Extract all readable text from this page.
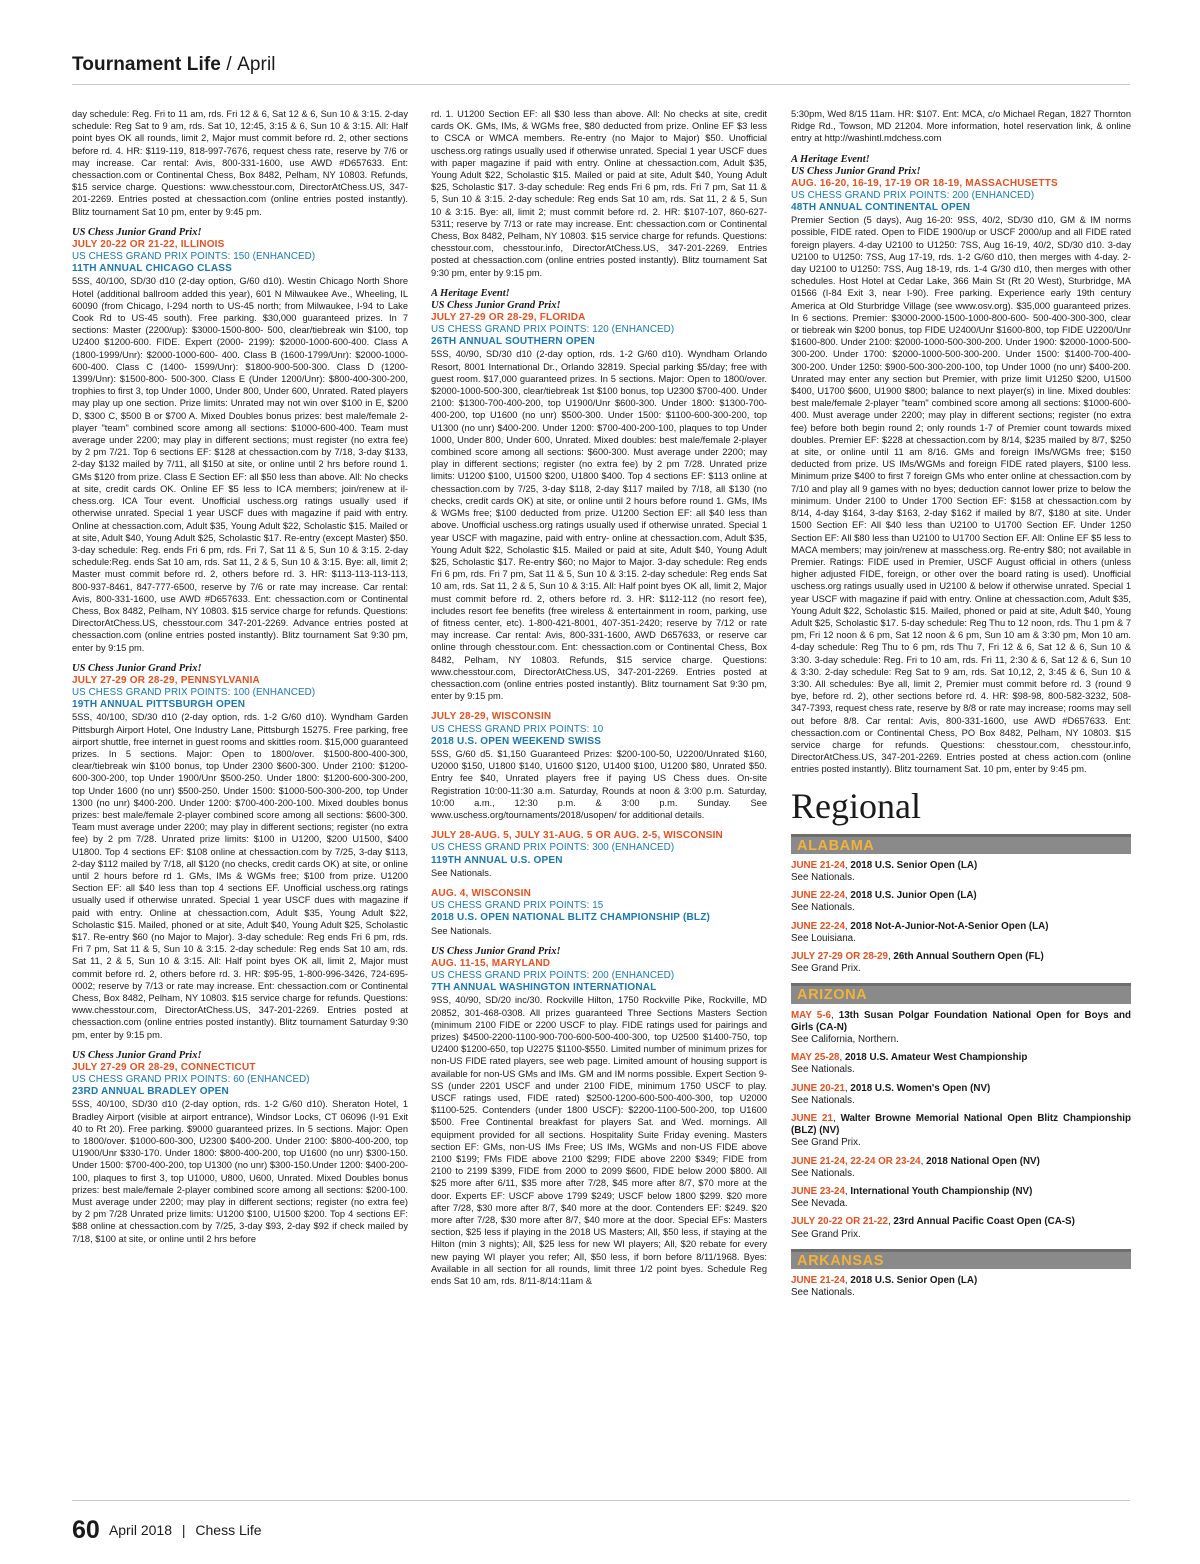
Tournament Life / April

day schedule: Reg. Fri to 11 am, rds. Fri 12 & 6, Sat 12 & 6, Sun 10 & 3:15. 2-day schedule: Reg Sat to 9 am, rds. Sat 10, 12:45, 3:15 & 6, Sun 10 & 3:15. All: Half point byes OK all rounds, limit 2, Major must commit before rd. 2, other sections before rd. 4. HR: $119-119, 818-997-7676, request chess rate, reserve by 7/6 or may increase. Car rental: Avis, 800-331-1600, use AWD #D657633. Ent: chessaction.com or Continental Chess, Box 8482, Pelham, NY 10803. Refunds, $15 service charge. Questions: www.chesstour.com, DirectorAtChess.US, 347-201-2269. Entries posted at chessaction.com (online entries posted instantly). Blitz tournament Sat 10 pm, enter by 9:45 pm.

US Chess Junior Grand Prix!

JULY 20-22 OR 21-22, ILLINOIS

US CHESS GRAND PRIX POINTS: 150 (ENHANCED)

11TH ANNUAL CHICAGO CLASS

5SS, 40/100, SD/30 d10 (2-day option, G/60 d10). Westin Chicago North Shore Hotel (additional ballroom added this year), 601 N Milwaukee Ave., Wheeling, IL 60090 (from Chicago, I-294 north to US-45 north; from Milwaukee, I-94 to Lake Cook Rd to US-45 south). Free parking. $30,000 guaranteed prizes. In 7 sections: Master (2200/up): $3000-1500-800- 500, clear/tiebreak win $100, top U2400 $1200-600. FIDE. Expert (2000- 2199): $2000-1000-600-400. Class A (1800-1999/Unr): $2000-1000-600- 400. Class B (1600-1799/Unr): $2000-1000-600-400. Class C (1400- 1599/Unr): $1800-900-500-300. Class D (1200-1399/Unr): $1500-800- 500-300. Class E (Under 1200/Unr): $800-400-300-200, trophies to first 3, top Under 1000, Under 800, Under 600, Unrated. Rated players may play up one section. Prize limits: Unrated may not win over $100 in E, $200 D, $300 C, $500 B or $700 A. Mixed Doubles bonus prizes: best male/female 2-player "team" combined score among all sections: $1000-600-400. Team must average under 2200; may play in different sections; must register (no extra fee) by 2 pm 7/21. Top 6 sections EF: $128 at chessaction.com by 7/18, 3-day $133, 2-day $132 mailed by 7/11, all $150 at site, or online until 2 hrs before round 1. GMs $120 from prize. Class E Section EF: all $50 less than above. All: No checks at site, credit cards OK. Online EF $5 less to ICA members; join/renew at il-chess.org. ICA Tour event. Unofficial uschess.org ratings usually used if otherwise unrated. Special 1 year USCF dues with magazine if paid with entry. Online at chessaction.com, Adult $35, Young Adult $22, Scholastic $15. Mailed or at site, Adult $40, Young Adult $25, Scholastic $17. Re-entry (except Master) $50. 3-day schedule: Reg. ends Fri 6 pm, rds. Fri 7, Sat 11 & 5, Sun 10 & 3:15. 2-day schedule:Reg. ends Sat 10 am, rds. Sat 11, 2 & 5, Sun 10 & 3:15. Bye: all, limit 2; Master must commit before rd. 2, others before rd. 3. HR: $113-113-113-113, 800-937-8461, 847-777-6500, reserve by 7/6 or rate may increase. Car rental: Avis, 800-331-1600, use AWD #D657633. Ent: chessaction.com or Continental Chess, Box 8482, Pelham, NY 10803. $15 service charge for refunds. Questions: DirectorAtChess.US, chesstour.com 347-201-2269. Advance entries posted at chessaction.com (online entries posted instantly). Blitz tournament Sat 9:30 pm, enter by 9:15 pm.

US Chess Junior Grand Prix!

JULY 27-29 OR 28-29, PENNSYLVANIA

US CHESS GRAND PRIX POINTS: 100 (ENHANCED)

19TH ANNUAL PITTSBURGH OPEN

5SS, 40/100, SD/30 d10 (2-day option, rds. 1-2 G/60 d10). Wyndham Garden Pittsburgh Airport Hotel, One Industry Lane, Pittsburgh 15275. Free parking, free airport shuttle, free internet in guest rooms and skittles room. $15,000 guaranteed prizes. In 5 sections. Major: Open to 1800/over. $1500-800-400-300, clear/tiebreak win $100 bonus, top Under 2300 $600-300. Under 2100: $1200-600-300-200, top Under 1900/Unr $500-250. Under 1800: $1200-600-300-200, top Under 1600 (no unr) $500-250. Under 1500: $1000-500-300-200, top Under 1300 (no unr) $400-200. Under 1200: $700-400-200-100. Mixed doubles bonus prizes: best male/female 2-player combined score among all sections: $600-300. Team must average under 2200; may play in different sections; register (no extra fee) by 2 pm 7/28. Unrated prize limits: $100 in U1200, $200 U1500, $400 U1800. Top 4 sections EF: $108 online at chessaction.com by 7/25, 3-day $113, 2-day $112 mailed by 7/18, all $120 (no checks, credit cards OK) at site, or online until 2 hours before rd 1. GMs, IMs & WGMs free; $100 from prize. U1200 Section EF: all $40 less than top 4 sections EF. Unofficial uschess.org ratings usually used if otherwise unrated. Special 1 year USCF dues with magazine if paid with entry. Online at chessaction.com, Adult $35, Young Adult $22, Scholastic $15. Mailed, phoned or at site, Adult $40, Young Adult $25, Scholastic $17. Re-entry $60 (no Major to Major). 3-day schedule: Reg ends Fri 6 pm, rds. Fri 7 pm, Sat 11 & 5, Sun 10 & 3:15. 2-day schedule: Reg ends Sat 10 am, rds. Sat 11, 2 & 5, Sun 10 & 3:15. All: Half point byes OK all, limit 2, Major must commit before rd. 2, others before rd. 3. HR: $95-95, 1-800-996-3426, 724-695-0002; reserve by 7/13 or rate may increase. Ent: chessaction.com or Continental Chess, Box 8482, Pelham, NY 10803. $15 service charge for refunds. Questions: www.chesstour.com, DirectorAtChess.US, 347-201-2269. Entries posted at chessaction.com (online entries posted instantly). Blitz tournament Saturday 9:30 pm, enter by 9:15 pm.

US Chess Junior Grand Prix!

JULY 27-29 OR 28-29, CONNECTICUT

US CHESS GRAND PRIX POINTS: 60 (ENHANCED)

23RD ANNUAL BRADLEY OPEN

5SS, 40/100, SD/30 d10 (2-day option, rds. 1-2 G/60 d10). Sheraton Hotel, 1 Bradley Airport (visible at airport entrance), Windsor Locks, CT 06096 (I-91 Exit 40 to Rt 20). Free parking. $9000 guaranteed prizes. In 5 sections. Major: Open to 1800/over. $1000-600-300, U2300 $400-200. Under 2100: $800-400-200, top U1900/Unr $330-170. Under 1800: $800-400-200, top U1600 (no unr) $300-150. Under 1500: $700-400-200, top U1300 (no unr) $300-150.Under 1200: $400-200-100, plaques to first 3, top U1000, U800, U600, Unrated. Mixed Doubles bonus prizes: best male/female 2-player combined score among all sections: $200-100. Must average under 2200; may play in different sections; register (no extra fee) by 2 pm 7/28 Unrated prize limits: U1200 $100, U1500 $200. Top 4 sections EF: $88 online at chessaction.com by 7/25, 3-day $93, 2-day $92 if check mailed by 7/18, $100 at site, or online until 2 hrs before

rd. 1. U1200 Section EF: all $30 less than above. All: No checks at site, credit cards OK. GMs, IMs, & WGMs free, $80 deducted from prize. Online EF $3 less to CSCA or WMCA members. Re-entry (no Major to Major) $50. Unofficial uschess.org ratings usually used if otherwise unrated. Special 1 year USCF dues with paper magazine if paid with entry. Online at chessaction.com, Adult $35, Young Adult $22, Scholastic $15. Mailed or paid at site, Adult $40, Young Adult $25, Scholastic $17. 3-day schedule: Reg ends Fri 6 pm, rds. Fri 7 pm, Sat 11 & 5, Sun 10 & 3:15. 2-day schedule: Reg ends Sat 10 am, rds. Sat 11, 2 & 5, Sun 10 & 3:15. Bye: all, limit 2; must commit before rd. 2. HR: $107-107, 860-627-5311; reserve by 7/13 or rate may increase. Ent: chessaction.com or Continental Chess, Box 8482, Pelham, NY 10803. $15 service charge for refunds. Questions: chesstour.com, chesstour.info, DirectorAtChess.US, 347-201-2269. Entries posted at chessaction.com (online entries posted instantly). Blitz tournament Sat 9:30 pm, enter by 9:15 pm.

A Heritage Event!

US Chess Junior Grand Prix!

JULY 27-29 OR 28-29, FLORIDA

US CHESS GRAND PRIX POINTS: 120 (ENHANCED)

26TH ANNUAL SOUTHERN OPEN

5SS, 40/90, SD/30 d10 (2-day option, rds. 1-2 G/60 d10). Wyndham Orlando Resort, 8001 International Dr., Orlando 32819. Special parking $5/day; free with guest room. $17,000 guaranteed prizes. In 5 sections. Major: Open to 1800/over. $2000-1000-500-300, clear/tiebreak 1st $100 bonus, top U2300 $700-400. Under 2100: $1300-700-400-200, top U1900/Unr $600-300. Under 1800: $1300-700-400-200, top U1600 (no unr) $500-300. Under 1500: $1100-600-300-200, top U1300 (no unr) $400-200. Under 1200: $700-400-200-100, plaques to top Under 1000, Under 800, Under 600, Unrated. Mixed doubles: best male/female 2-player combined score among all sections: $600-300. Must average under 2200; may play in different sections; register (no extra fee) by 2 pm 7/28. Unrated prize limits: U1200 $100, U1500 $200, U1800 $400. Top 4 sections EF: $113 online at chessaction.com by 7/25, 3-day $118, 2-day $117 mailed by 7/18, all $130 (no checks, credit cards OK) at site, or online until 2 hours before round 1. GMs, IMs & WGMs free; $100 deducted from prize. U1200 Section EF: all $40 less than above. Unofficial uschess.org ratings usually used if otherwise unrated. Special 1 year USCF with magazine, paid with entry- online at chessaction.com, Adult $35, Young Adult $22, Scholastic $15. Mailed or paid at site, Adult $40, Young Adult $25, Scholastic $17. Re-entry $60; no Major to Major. 3-day schedule: Reg ends Fri 6 pm, rds. Fri 7 pm, Sat 11 & 5, Sun 10 & 3:15. 2-day schedule: Reg ends Sat 10 am, rds. Sat 11, 2 & 5, Sun 10 & 3:15. All: Half point byes OK all, limit 2, Major must commit before rd. 2, others before rd. 3. HR: $112-112 (no resort fee), includes resort fee benefits (free wireless & entertainment in room, parking, use of fitness center, etc). 1-800-421-8001, 407-351-2420; reserve by 7/12 or rate may increase. Car rental: Avis, 800-331-1600, AWD D657633, or reserve car online through chesstour.com. Ent: chessaction.com or Continental Chess, Box 8482, Pelham, NY 10803. Refunds, $15 service charge. Questions: www.chesstour.com, DirectorAtChess.US, 347-201-2269. Entries posted at chessaction.com (online entries posted instantly). Blitz tournament Sat 9:30 pm, enter by 9:15 pm.

JULY 28-29, WISCONSIN

US CHESS GRAND PRIX POINTS: 10

2018 U.S. OPEN WEEKEND SWISS

5SS, G/60 d5. $1,150 Guaranteed Prizes: $200-100-50, U2200/Unrated $160, U2000 $150, U1800 $140, U1600 $120, U1400 $100, U1200 $80, Unrated $50. Entry fee $40, Unrated players free if paying US Chess dues. On-site Registration 10:00-11:30 a.m. Saturday, Rounds at noon & 3:00 p.m. Saturday, 10:00 a.m., 12:30 p.m. & 3:00 p.m. Sunday. See www.uschess.org/tournaments/2018/usopen/ for additional details.

JULY 28-AUG. 5, JULY 31-AUG. 5 OR AUG. 2-5, WISCONSIN

US CHESS GRAND PRIX POINTS: 300 (ENHANCED)

119TH ANNUAL U.S. OPEN

See Nationals.

AUG. 4, WISCONSIN

US CHESS GRAND PRIX POINTS: 15

2018 U.S. OPEN NATIONAL BLITZ CHAMPIONSHIP (BLZ)

See Nationals.

US Chess Junior Grand Prix!

AUG. 11-15, MARYLAND

US CHESS GRAND PRIX POINTS: 200 (ENHANCED)

7TH ANNUAL WASHINGTON INTERNATIONAL

9SS, 40/90, SD/20 inc/30. Rockville Hilton, 1750 Rockville Pike, Rockville, MD 20852, 301-468-0308. All prizes guaranteed Three Sections Masters Section (minimum 2100 FIDE or 2200 USCF to play. FIDE ratings used for pairings and prizes) $4500-2200-1100-900-700-600-500-400-300, top U2500 $1400-750, top U2400 $1200-650, top U2275 $1100-$550. Limited number of minimum prizes for non-US FIDE rated players, see web page. Limited amount of housing support is available for non-US GMs and IMs. GM and IM norms possible. Expert Section 9-SS (under 2201 USCF and under 2100 FIDE, minimum 1750 USCF to play. USCF ratings used, FIDE rated) $2500-1200-600-500-400-300, top U2000 $1100-525. Contenders (under 1800 USCF): $2200-1100-500-200, top U1600 $500. Free Continental breakfast for players Sat. and Wed. mornings. All equipment provided for all sections. Hospitality Suite Friday evening. Masters section EF: GMs, non-US IMs Free; US IMs, WGMs and non-US FIDE above 2100 $199; FMs FIDE above 2100 $299; FIDE above 2200 $349; FIDE from 2100 to 2199 $399, FIDE from 2000 to 2099 $600, FIDE below 2000 $800. All $25 more after 6/11, $35 more after 7/28, $45 more after 8/7, $70 more at the door. Experts EF: USCF above 1799 $249; USCF below 1800 $299. $20 more after 7/28, $30 more after 8/7, $40 more at the door. Contenders EF: $249. $20 more after 7/28, $30 more after 8/7, $40 more at the door. Special EFs: Masters section, $25 less if playing in the 2018 US Masters; All, $50 less, if staying at the Hilton (min 3 nights); All, $25 less for new WI players; All, $20 rebate for every new paying WI player you refer; All, $50 less, if born before 8/11/1968. Byes: Available in all section for all rounds, limit three 1/2 point byes. Schedule Reg ends Sat 10 am, rds. 8/11-8/14:11am &

5:30pm, Wed 8/15 11am. HR: $107. Ent: MCA, c/o Michael Regan, 1827 Thornton Ridge Rd., Towson, MD 21204. More information, hotel reservation link, & online entry at http://washintl.mdchess.com

A Heritage Event!

US Chess Junior Grand Prix!

AUG. 16-20, 16-19, 17-19 OR 18-19, MASSACHUSETTS

US CHESS GRAND PRIX POINTS: 200 (ENHANCED)

48TH ANNUAL CONTINENTAL OPEN

Premier Section (5 days), Aug 16-20: 9SS, 40/2, SD/30 d10, GM & IM norms possible, FIDE rated. Open to FIDE 1900/up or USCF 2000/up and all FIDE rated foreign players. 4-day U2100 to U1250: 7SS, Aug 16-19, 40/2, SD/30 d10. 3-day U2100 to U1250: 7SS, Aug 17-19, rds. 1-2 G/60 d10, then merges with 4-day. 2-day U2100 to U1250: 7SS, Aug 18-19, rds. 1-4 G/30 d10, then merges with other schedules. Host Hotel at Cedar Lake, 366 Main St (Rt 20 West), Sturbridge, MA 01566 (I-84 Exit 3, near I-90). Free parking. Experience early 19th century America at Old Sturbridge Village (see www.osv.org). $35,000 guaranteed prizes. In 6 sections. Premier: $3000-2000-1500-1000-800-600- 500-400-300-300, clear or tiebreak win $200 bonus, top FIDE U2400/Unr $1600-800, top FIDE U2200/Unr $1600-800. Under 2100: $2000-1000-500-300-200. Under 1900: $2000-1000-500-300-200. Under 1700: $2000-1000-500-300-200. Under 1500: $1400-700-400-300-200. Under 1250: $900-500-300-200-100, top Under 1000 (no unr) $400-200. Unrated may enter any section but Premier, with prize limit U1250 $200, U1500 $400, U1700 $600, U1900 $800; balance to next player(s) in line. Mixed doubles: best male/female 2-player "team" combined score among all sections: $1000-600-400. Must average under 2200; may play in different sections; register (no extra fee) before both begin round 2; only rounds 1-7 of Premier count towards mixed doubles. Premier EF: $228 at chessaction.com by 8/14, $235 mailed by 8/7, $250 at site, or online until 11 am 8/16. GMs and foreign IMs/WGMs free; $150 deducted from prize. US IMs/WGMs and foreign FIDE rated players, $100 less. Minimum prize $400 to first 7 foreign GMs who enter online at chessaction.com by 7/10 and play all 9 games with no byes; deduction cannot lower prize to below the minimum. Under 2100 to Under 1700 Section EF: $158 at chessaction.com by 8/14, 4-day $164, 3-day $163, 2-day $162 if mailed by 8/7, $180 at site. Under 1500 Section EF: All $40 less than U2100 to U1700 Section EF. Under 1250 Section EF: All $80 less than U2100 to U1700 Section EF. All: Online EF $5 less to MACA members; may join/renew at masschess.org. Re-entry $80; not available in Premier. Ratings: FIDE used in Premier, USCF August official in others (unless higher adjusted FIDE, foreign, or other over the board rating is used). Unofficial uschess.org ratings usually used in U2100 & below if otherwise unrated. Special 1 year USCF with magazine if paid with entry. Online at chessaction.com, Adult $35, Young Adult $22, Scholastic $15. Mailed, phoned or paid at site, Adult $40, Young Adult $25, Scholastic $17. 5-day schedule: Reg Thu to 12 noon, rds. Thu 1 pm & 7 pm, Fri 12 noon & 6 pm, Sat 12 noon & 6 pm, Sun 10 am & 3:30 pm, Mon 10 am. 4-day schedule: Reg Thu to 6 pm, rds Thu 7, Fri 12 & 6, Sat 12 & 6, Sun 10 & 3:30. 3-day schedule: Reg. Fri to 10 am, rds. Fri 11, 2:30 & 6, Sat 12 & 6, Sun 10 & 3:30. 2-day schedule: Reg Sat to 9 am, rds. Sat 10,12, 2, 3:45 & 6, Sun 10 & 3:30. All schedules: Bye all, limit 2, Premier must commit before rd. 3 (round 9 bye, before rd. 2), other sections before rd. 4. HR: $98-98, 800-582-3232, 508-347-7393, request chess rate, reserve by 8/8 or rate may increase; rooms may sell out before 8/8. Car rental: Avis, 800-331-1600, use AWD #D657633. Ent: chessaction.com or Continental Chess, PO Box 8482, Pelham, NY 10803. $15 service charge for refunds. Questions: chesstour.com, chesstour.info, DirectorAtChess.US, 347-201-2269. Entries posted at chess action.com (online entries posted instantly). Blitz tournament Sat. 10 pm, enter by 9:45 pm.

Regional
ALABAMA
JUNE 21-24, 2018 U.S. Senior Open (LA)
See Nationals.
JUNE 22-24, 2018 U.S. Junior Open (LA)
See Nationals.
JUNE 22-24, 2018 Not-A-Junior-Not-A-Senior Open (LA)
See Louisiana.
JULY 27-29 OR 28-29, 26th Annual Southern Open (FL)
See Grand Prix.
ARIZONA
MAY 5-6, 13th Susan Polgar Foundation National Open for Boys and Girls (CA-N)
See California, Northern.
MAY 25-28, 2018 U.S. Amateur West Championship
See Nationals.
JUNE 20-21, 2018 U.S. Women's Open (NV)
See Nationals.
JUNE 21, Walter Browne Memorial National Open Blitz Championship (BLZ) (NV)
See Grand Prix.
JUNE 21-24, 22-24 OR 23-24, 2018 National Open (NV)
See Nationals.
JUNE 23-24, International Youth Championship (NV)
See Nevada.
JULY 20-22 OR 21-22, 23rd Annual Pacific Coast Open (CA-S)
See Grand Prix.
ARKANSAS
JUNE 21-24, 2018 U.S. Senior Open (LA)
See Nationals.
60 April 2018 | Chess Life
